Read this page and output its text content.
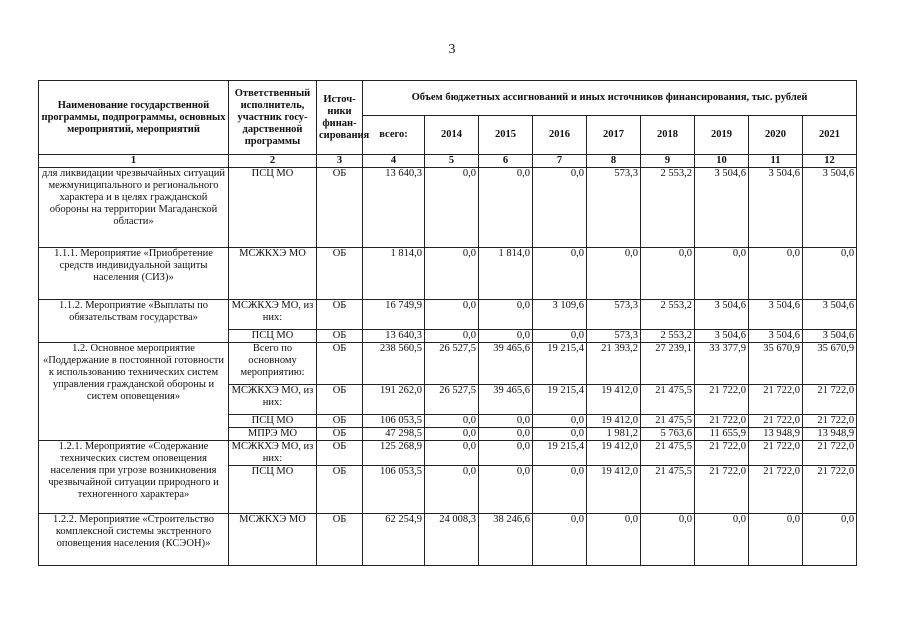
3
Наименование государственной программы, подпрограммы, основных мероприятий, мероприятий	Ответственный исполнитель, участник госу-дарственной программы	Источ-ники финан-сирования	Объем бюджетных ассигнований и иных источников финансирования, тыс. рублей								
			всего:	2014	2015	2016	2017	2018	2019	2020	2021
1	2	3	4	5	6	7	8	9	10	11	12
для ликвидации чрезвычайных ситуаций межмуниципального и регионального характера и в целях гражданской обороны на территории Магаданской области»	ПСЦ МО	ОБ	13 640,3	0,0	0,0	0,0	573,3	2 553,2	3 504,6	3 504,6	3 504,6
1.1.1. Мероприятие «Приобретение средств индивидуальной защиты населения (СИЗ)»	МСЖКХЭ МО	ОБ	1 814,0	0,0	1 814,0	0,0	0,0	0,0	0,0	0,0	0,0
1.1.2. Мероприятие «Выплаты по обязательствам государства»	МСЖКХЭ МО, из них:	ОБ	16 749,9	0,0	0,0	3 109,6	573,3	2 553,2	3 504,6	3 504,6	3 504,6
	ПСЦ МО	ОБ	13 640,3	0,0	0,0	0,0	573,3	2 553,2	3 504,6	3 504,6	3 504,6
1.2. Основное мероприятие «Поддержание в постоянной готовности к использованию технических систем управления гражданской обороны и систем оповещения»	Всего по основному мероприятию:	ОБ	238 560,5	26 527,5	39 465,6	19 215,4	21 393,2	27 239,1	33 377,9	35 670,9	35 670,9
	МСЖКХЭ МО, из них:	ОБ	191 262,0	26 527,5	39 465,6	19 215,4	19 412,0	21 475,5	21 722,0	21 722,0	21 722,0
	ПСЦ МО	ОБ	106 053,5	0,0	0,0	0,0	19 412,0	21 475,5	21 722,0	21 722,0	21 722,0
	МПРЭ МО	ОБ	47 298,5	0,0	0,0	0,0	1 981,2	5 763,6	11 655,9	13 948,9	13 948,9
1.2.1. Мероприятие «Содержание технических систем оповещения населения при угрозе возникновения чрезвычайной ситуации природного и техногенного характера»	МСЖКХЭ МО, из них:	ОБ	125 268,9	0,0	0,0	19 215,4	19 412,0	21 475,5	21 722,0	21 722,0	21 722,0
	ПСЦ МО	ОБ	106 053,5	0,0	0,0	0,0	19 412,0	21 475,5	21 722,0	21 722,0	21 722,0
1.2.2. Мероприятие «Строительство комплексной системы экстренного оповещения населения (КСЭОН)»	МСЖКХЭ МО	ОБ	62 254,9	24 008,3	38 246,6	0,0	0,0	0,0	0,0	0,0	0,0
